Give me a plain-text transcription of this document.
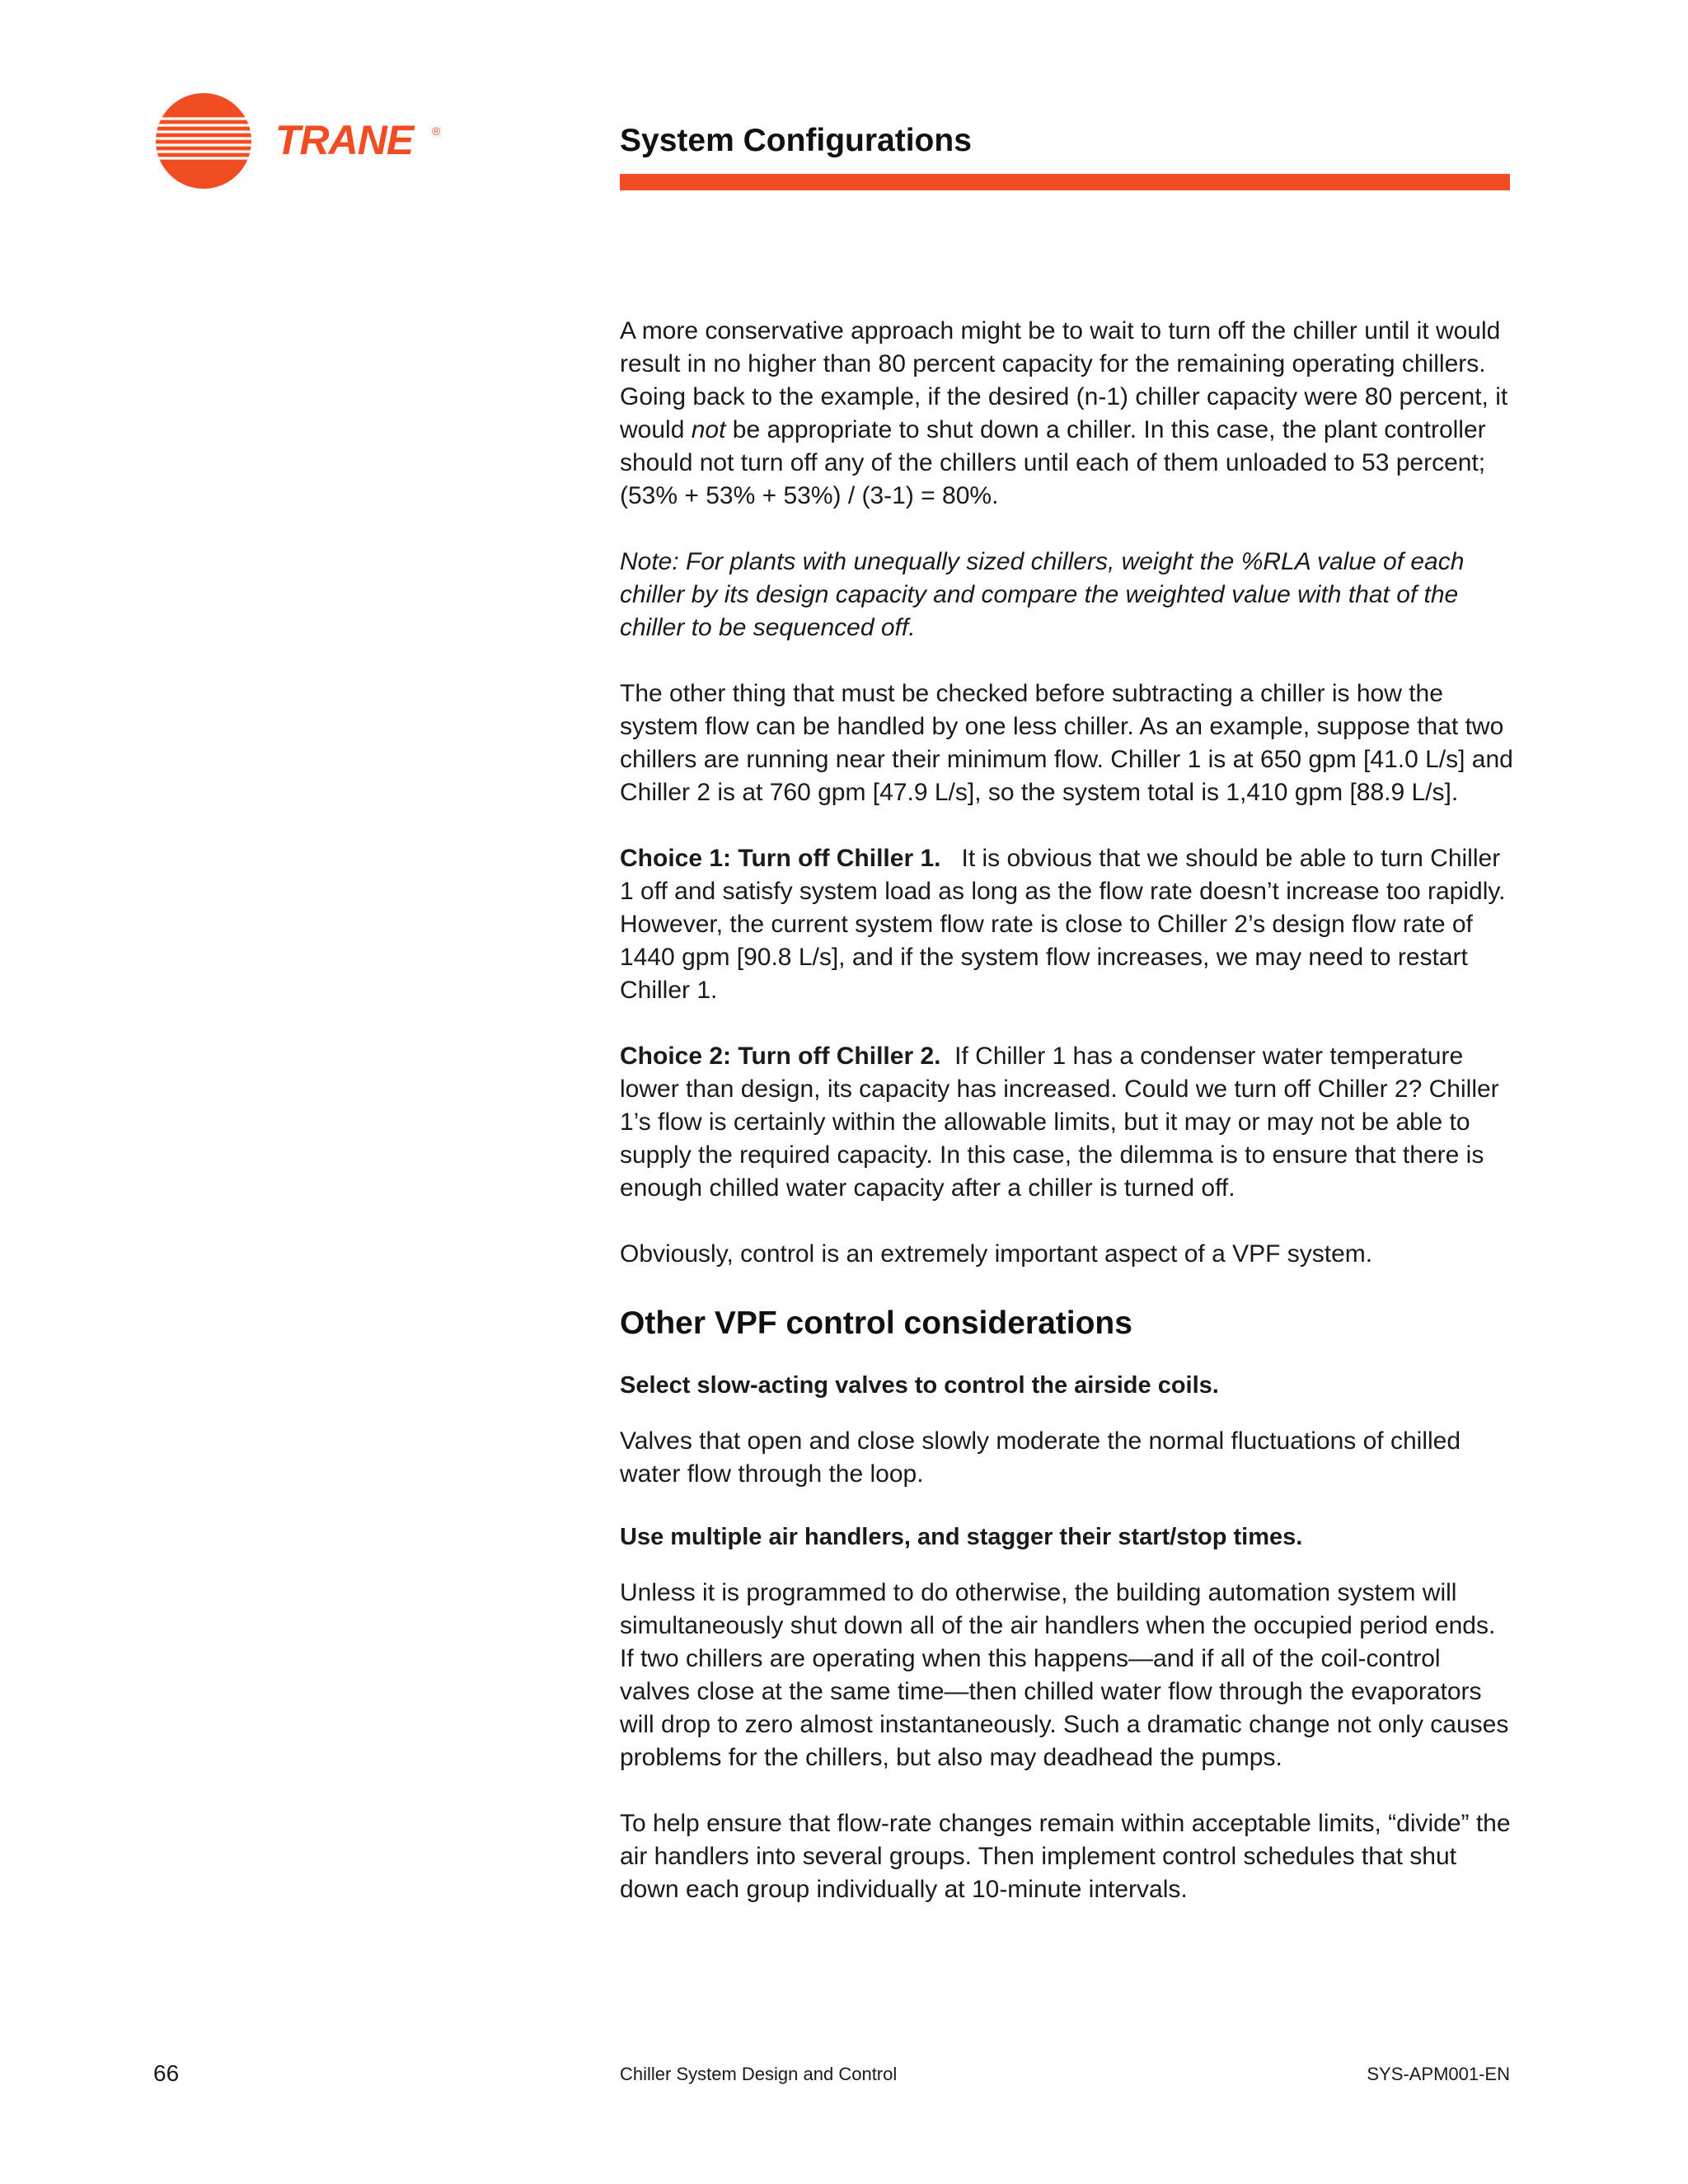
TRANE ®	System Configurations

A more conservative approach might be to wait to turn off the chiller until it would result in no higher than 80 percent capacity for the remaining operating chillers. Going back to the example, if the desired (n-1) chiller capacity were 80 percent, it would not be appropriate to shut down a chiller. In this case, the plant controller should not turn off any of the chillers until each of them unloaded to 53 percent; (53% + 53% + 53%) / (3-1) = 80%.

Note: For plants with unequally sized chillers, weight the %RLA value of each chiller by its design capacity and compare the weighted value with that of the chiller to be sequenced off.

The other thing that must be checked before subtracting a chiller is how the system flow can be handled by one less chiller. As an example, suppose that two chillers are running near their minimum flow. Chiller 1 is at 650 gpm [41.0 L/s] and Chiller 2 is at 760 gpm [47.9 L/s], so the system total is 1,410 gpm [88.9 L/s].

Choice 1: Turn off Chiller 1.   It is obvious that we should be able to turn Chiller 1 off and satisfy system load as long as the flow rate doesn’t increase too rapidly. However, the current system flow rate is close to Chiller 2’s design flow rate of 1440 gpm [90.8 L/s], and if the system flow increases, we may need to restart Chiller 1.

Choice 2: Turn off Chiller 2.  If Chiller 1 has a condenser water temperature lower than design, its capacity has increased. Could we turn off Chiller 2? Chiller 1’s flow is certainly within the allowable limits, but it may or may not be able to supply the required capacity. In this case, the dilemma is to ensure that there is enough chilled water capacity after a chiller is turned off.

Obviously, control is an extremely important aspect of a VPF system.

Other VPF control considerations
Select slow-acting valves to control the airside coils.

Valves that open and close slowly moderate the normal fluctuations of chilled water flow through the loop.

Use multiple air handlers, and stagger their start/stop times.

Unless it is programmed to do otherwise, the building automation system will simultaneously shut down all of the air handlers when the occupied period ends. If two chillers are operating when this happens—and if all of the coil-control valves close at the same time—then chilled water flow through the evaporators will drop to zero almost instantaneously. Such a dramatic change not only causes problems for the chillers, but also may deadhead the pumps.

To help ensure that flow-rate changes remain within acceptable limits, “divide” the air handlers into several groups. Then implement control schedules that shut down each group individually at 10-minute intervals.

66	Chiller System Design and Control	SYS-APM001-EN
